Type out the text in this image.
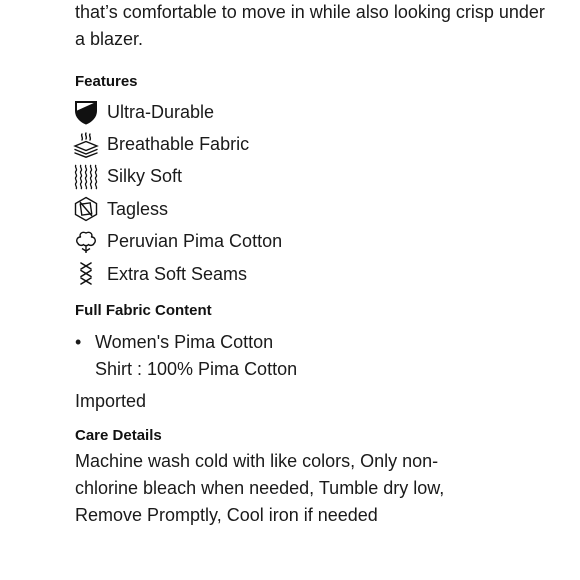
that’s comfortable to move in while also looking crisp under a blazer.

Features
Ultra-Durable
Breathable Fabric
Silky Soft
Tagless
Peruvian Pima Cotton
Extra Soft Seams
Full Fabric Content
• Women's Pima Cotton
Shirt : 100% Pima Cotton
Imported
Care Details

Machine wash cold with like colors, Only non-chlorine bleach when needed, Tumble dry low, Remove Promptly, Cool iron if needed
